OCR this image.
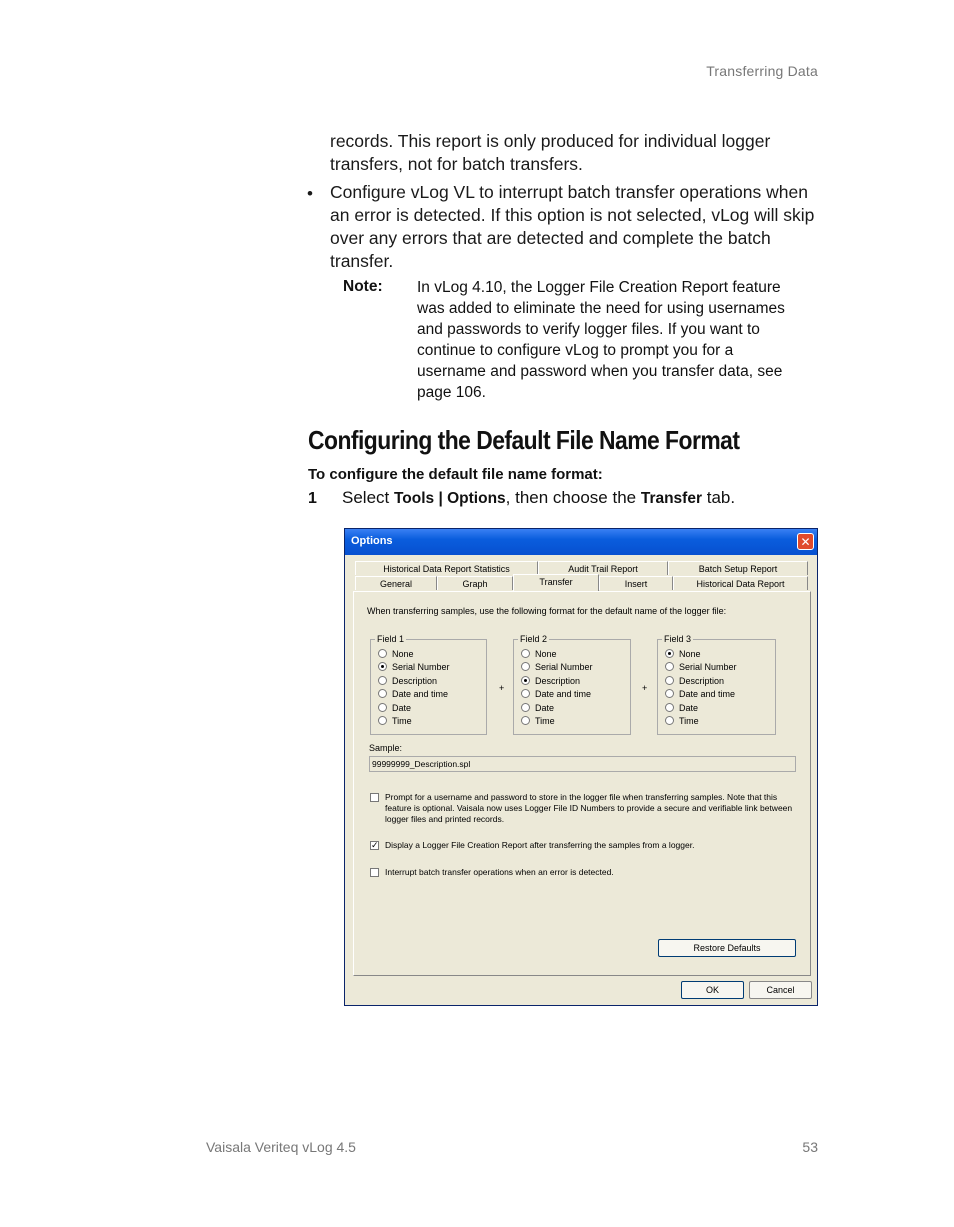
Transferring Data
records. This report is only produced for individual logger transfers, not for batch transfers.
• Configure vLog VL to interrupt batch transfer operations when an error is detected. If this option is not selected, vLog will skip over any errors that are detected and complete the batch transfer.
Note: In vLog 4.10, the Logger File Creation Report feature was added to eliminate the need for using usernames and passwords to verify logger files. If you want to continue to configure vLog to prompt you for a username and password when you transfer data, see page 106.
Configuring the Default File Name Format
To configure the default file name format:
1 Select Tools | Options, then choose the Transfer tab.
Options	✕
Historical Data Report Statistics	Audit Trail Report	Batch Setup Report
General	Graph	Transfer	Insert	Historical Data Report
When transferring samples, use the following format for the default name of the logger file:
Field 1
None
Serial Number
Description
Date and time
Date
Time
+
Field 2
None
Serial Number
Description
Date and time
Date
Time
+
Field 3
None
Serial Number
Description
Date and time
Date
Time
Sample:
99999999_Description.spl
Prompt for a username and password to store in the logger file when transferring samples. Note that this feature is optional. Vaisala now uses Logger File ID Numbers to provide a secure and verifiable link between logger files and printed records.
✓ Display a Logger File Creation Report after transferring the samples from a logger.
Interrupt batch transfer operations when an error is detected.
Restore Defaults
OK	Cancel
Vaisala Veriteq vLog 4.5	53
